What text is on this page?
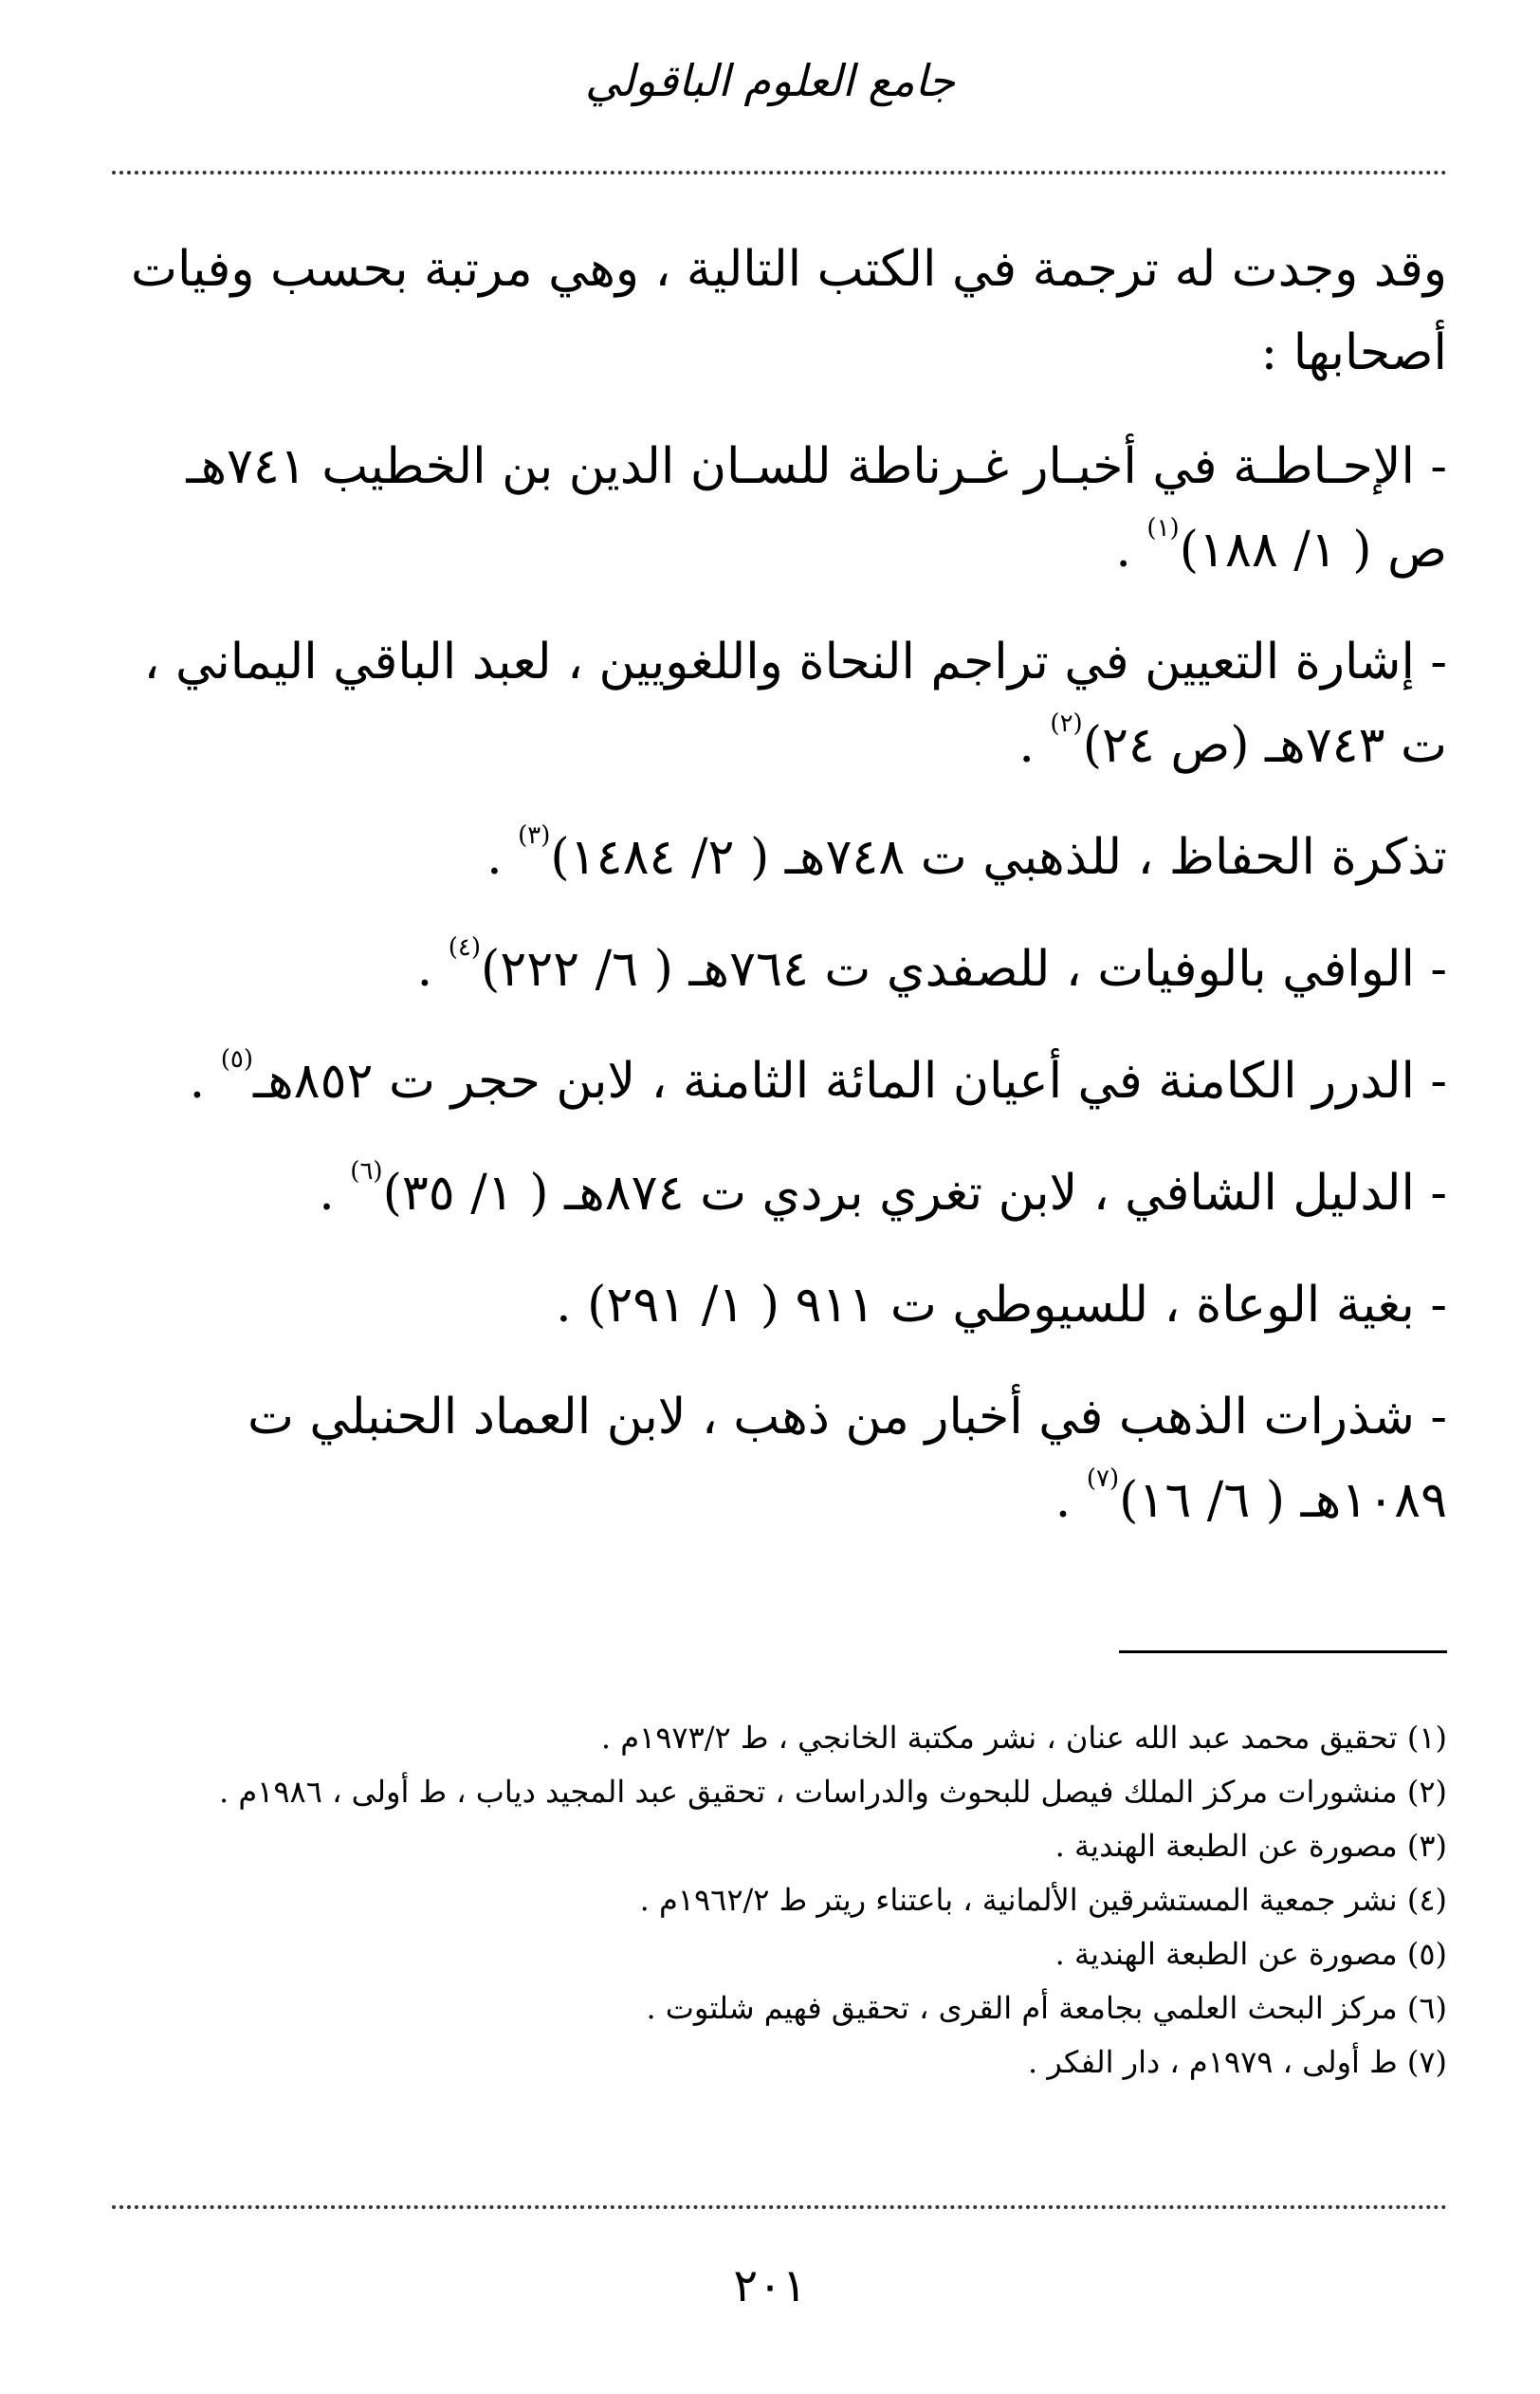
جامع العلوم الباقولي

وقد وجدت له ترجمة في الكتب التالية ، وهي مرتبة بحسب وفيات أصحابها :

- الإحـاطـة في أخبـار غـرناطة للسـان الدين بن الخطيب ٧٤١هـ ص ( ١/ ١٨٨)$^{(١)}$ .

- إشارة التعيين في تراجم النحاة واللغويين ، لعبد الباقي اليماني ، ت ٧٤٣هـ (ص ٢٤)$^{(٢)}$ .

تذكرة الحفاظ ، للذهبي ت ٧٤٨هـ ( ٢/ ١٤٨٤)$^{(٣)}$ .

- الوافي بالوفيات ، للصفدي ت ٧٦٤هـ ( ٦/ ٢٢٢)$^{(٤)}$ .

- الدرر الكامنة في أعيان المائة الثامنة ، لابن حجر ت ٨٥٢هـ$^{(٥)}$ .

- الدليل الشافي ، لابن تغري بردي ت ٨٧٤هـ ( ١/ ٣٥)$^{(٦)}$ .

- بغية الوعاة ، للسيوطي ت ٩١١ ( ١/ ٢٩١) .

- شذرات الذهب في أخبار من ذهب ، لابن العماد الحنبلي ت ١٠٨٩هـ ( ٦/ ١٦)$^{(٧)}$ .

(١) تحقيق محمد عبد الله عنان ، نشر مكتبة الخانجي ، ط ١٩٧٣/٢م .
(٢) منشورات مركز الملك فيصل للبحوث والدراسات ، تحقيق عبد المجيد دياب ، ط أولى ، ١٩٨٦م .
(٣) مصورة عن الطبعة الهندية .
(٤) نشر جمعية المستشرقين الألمانية ، باعتناء ريتر ط ١٩٦٢/٢م .
(٥) مصورة عن الطبعة الهندية .
(٦) مركز البحث العلمي بجامعة أم القرى ، تحقيق فهيم شلتوت .
(٧) ط أولى ، ١٩٧٩م ، دار الفكر .
٢٠١
